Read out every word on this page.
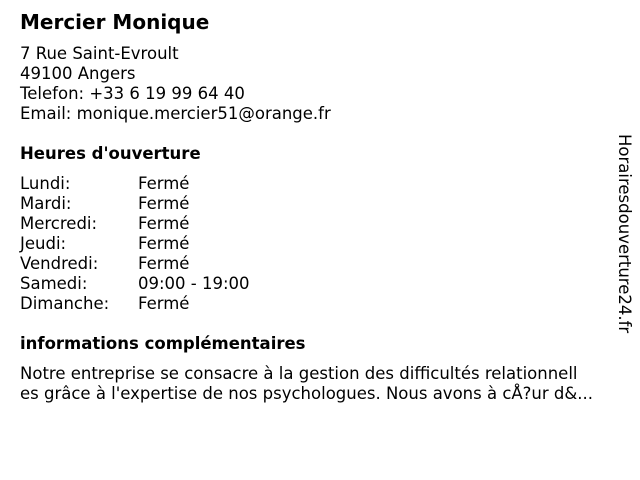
Mercier Monique
7 Rue Saint-Evroult
49100 Angers
Telefon: +33 6 19 99 64 40
Email: monique.mercier51@orange.fr
Heures d'ouverture
Lundi:	Fermé
Mardi:	Fermé
Mercredi:	Fermé
Jeudi:	Fermé
Vendredi:	Fermé
Samedi:	09:00 - 19:00
Dimanche:	Fermé
informations complémentaires
Notre entreprise se consacre à la gestion des difficultés relationnell
es grâce à l'expertise de nos psychologues. Nous avons à cÅ?ur d&...
Horairesdouverture24.fr
